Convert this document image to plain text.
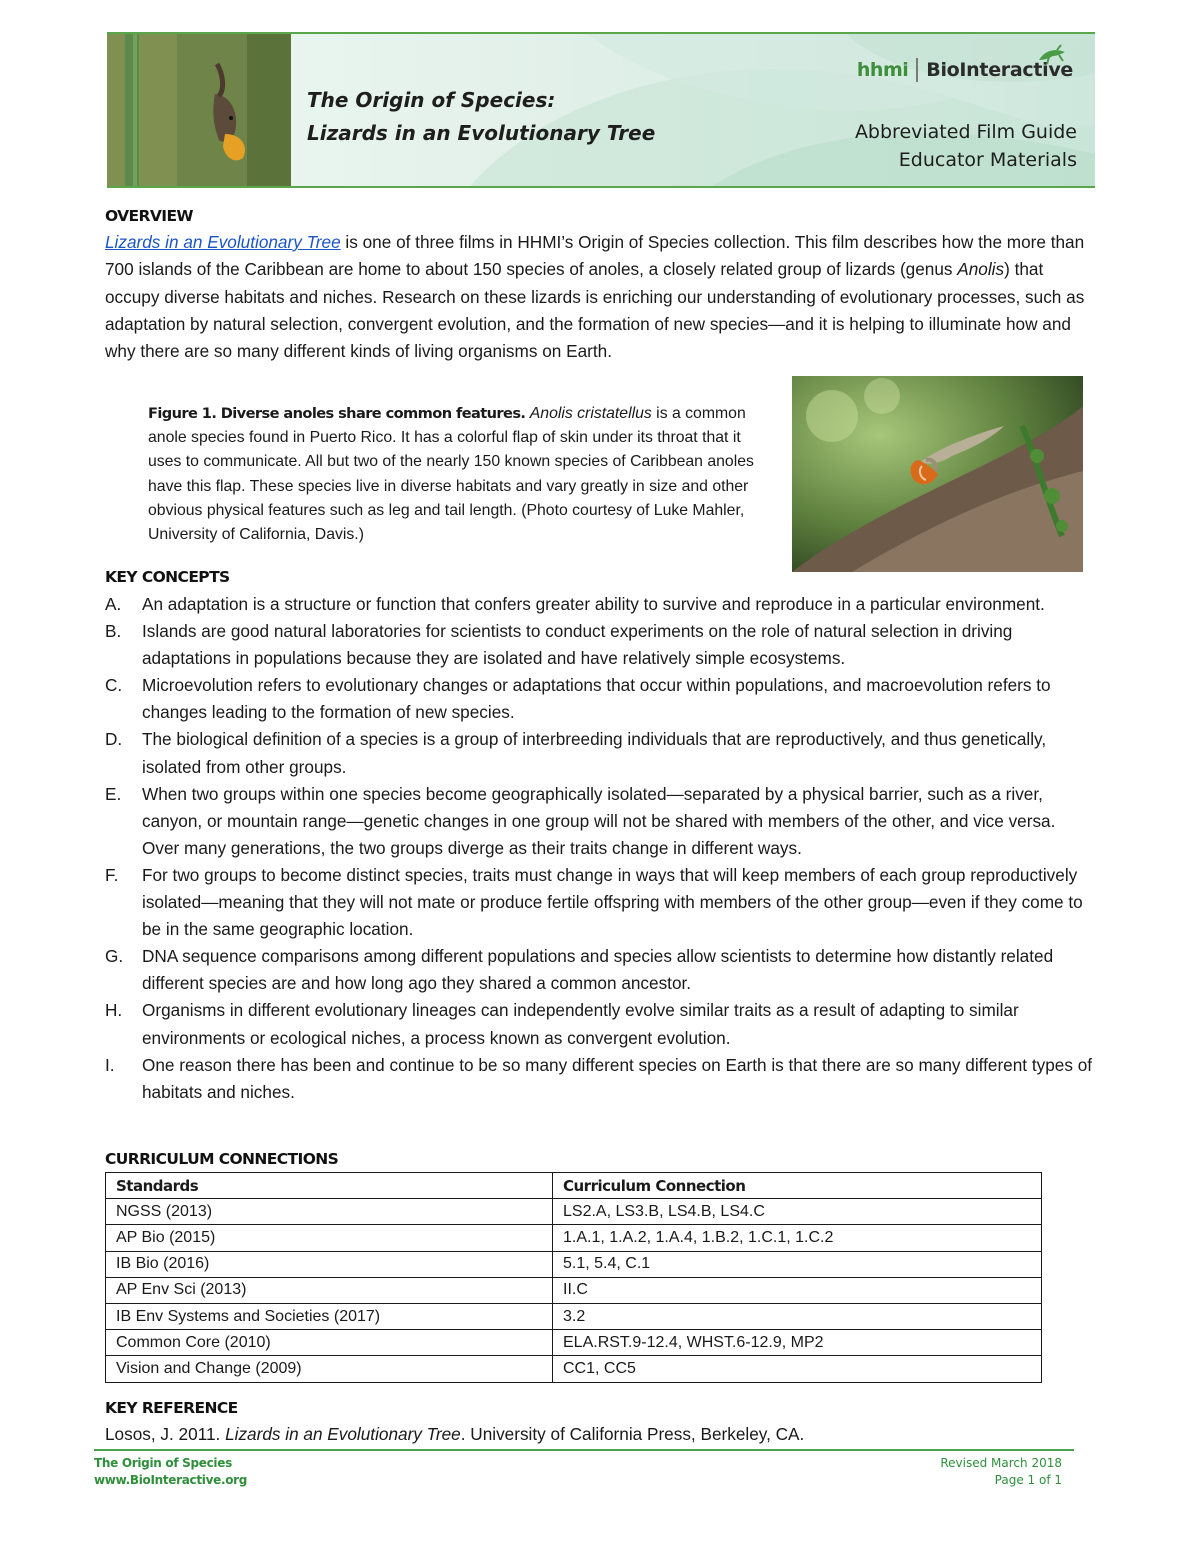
The Origin of Species:
Lizards in an Evolutionary Tree
hhmi BioInteractive
Abbreviated Film Guide
Educator Materials
OVERVIEW
Lizards in an Evolutionary Tree is one of three films in HHMI’s Origin of Species collection. This film describes how the more than 700 islands of the Caribbean are home to about 150 species of anoles, a closely related group of lizards (genus Anolis) that occupy diverse habitats and niches. Research on these lizards is enriching our understanding of evolutionary processes, such as adaptation by natural selection, convergent evolution, and the formation of new species—and it is helping to illuminate how and why there are so many different kinds of living organisms on Earth.
Figure 1. Diverse anoles share common features. Anolis cristatellus is a common anole species found in Puerto Rico. It has a colorful flap of skin under its throat that it uses to communicate. All but two of the nearly 150 known species of Caribbean anoles have this flap. These species live in diverse habitats and vary greatly in size and other obvious physical features such as leg and tail length. (Photo courtesy of Luke Mahler, University of California, Davis.)
KEY CONCEPTS
A.	An adaptation is a structure or function that confers greater ability to survive and reproduce in a particular environment.
B.	Islands are good natural laboratories for scientists to conduct experiments on the role of natural selection in driving adaptations in populations because they are isolated and have relatively simple ecosystems.
C.	Microevolution refers to evolutionary changes or adaptations that occur within populations, and macroevolution refers to changes leading to the formation of new species.
D.	The biological definition of a species is a group of interbreeding individuals that are reproductively, and thus genetically, isolated from other groups.
E.	When two groups within one species become geographically isolated—separated by a physical barrier, such as a river, canyon, or mountain range—genetic changes in one group will not be shared with members of the other, and vice versa. Over many generations, the two groups diverge as their traits change in different ways.
F.	For two groups to become distinct species, traits must change in ways that will keep members of each group reproductively isolated—meaning that they will not mate or produce fertile offspring with members of the other group—even if they come to be in the same geographic location.
G.	DNA sequence comparisons among different populations and species allow scientists to determine how distantly related different species are and how long ago they shared a common ancestor.
H.	Organisms in different evolutionary lineages can independently evolve similar traits as a result of adapting to similar environments or ecological niches, a process known as convergent evolution.
I.	One reason there has been and continue to be so many different species on Earth is that there are so many different types of habitats and niches.
CURRICULUM CONNECTIONS
Standards	Curriculum Connection
NGSS (2013)	LS2.A, LS3.B, LS4.B, LS4.C
AP Bio (2015)	1.A.1, 1.A.2, 1.A.4, 1.B.2, 1.C.1, 1.C.2
IB Bio (2016)	5.1, 5.4, C.1
AP Env Sci (2013)	II.C
IB Env Systems and Societies (2017)	3.2
Common Core (2010)	ELA.RST.9-12.4, WHST.6-12.9, MP2
Vision and Change (2009)	CC1, CC5
KEY REFERENCE
Losos, J. 2011. Lizards in an Evolutionary Tree. University of California Press, Berkeley, CA.
The Origin of Species
www.BioInteractive.org
Revised March 2018
Page 1 of 1
